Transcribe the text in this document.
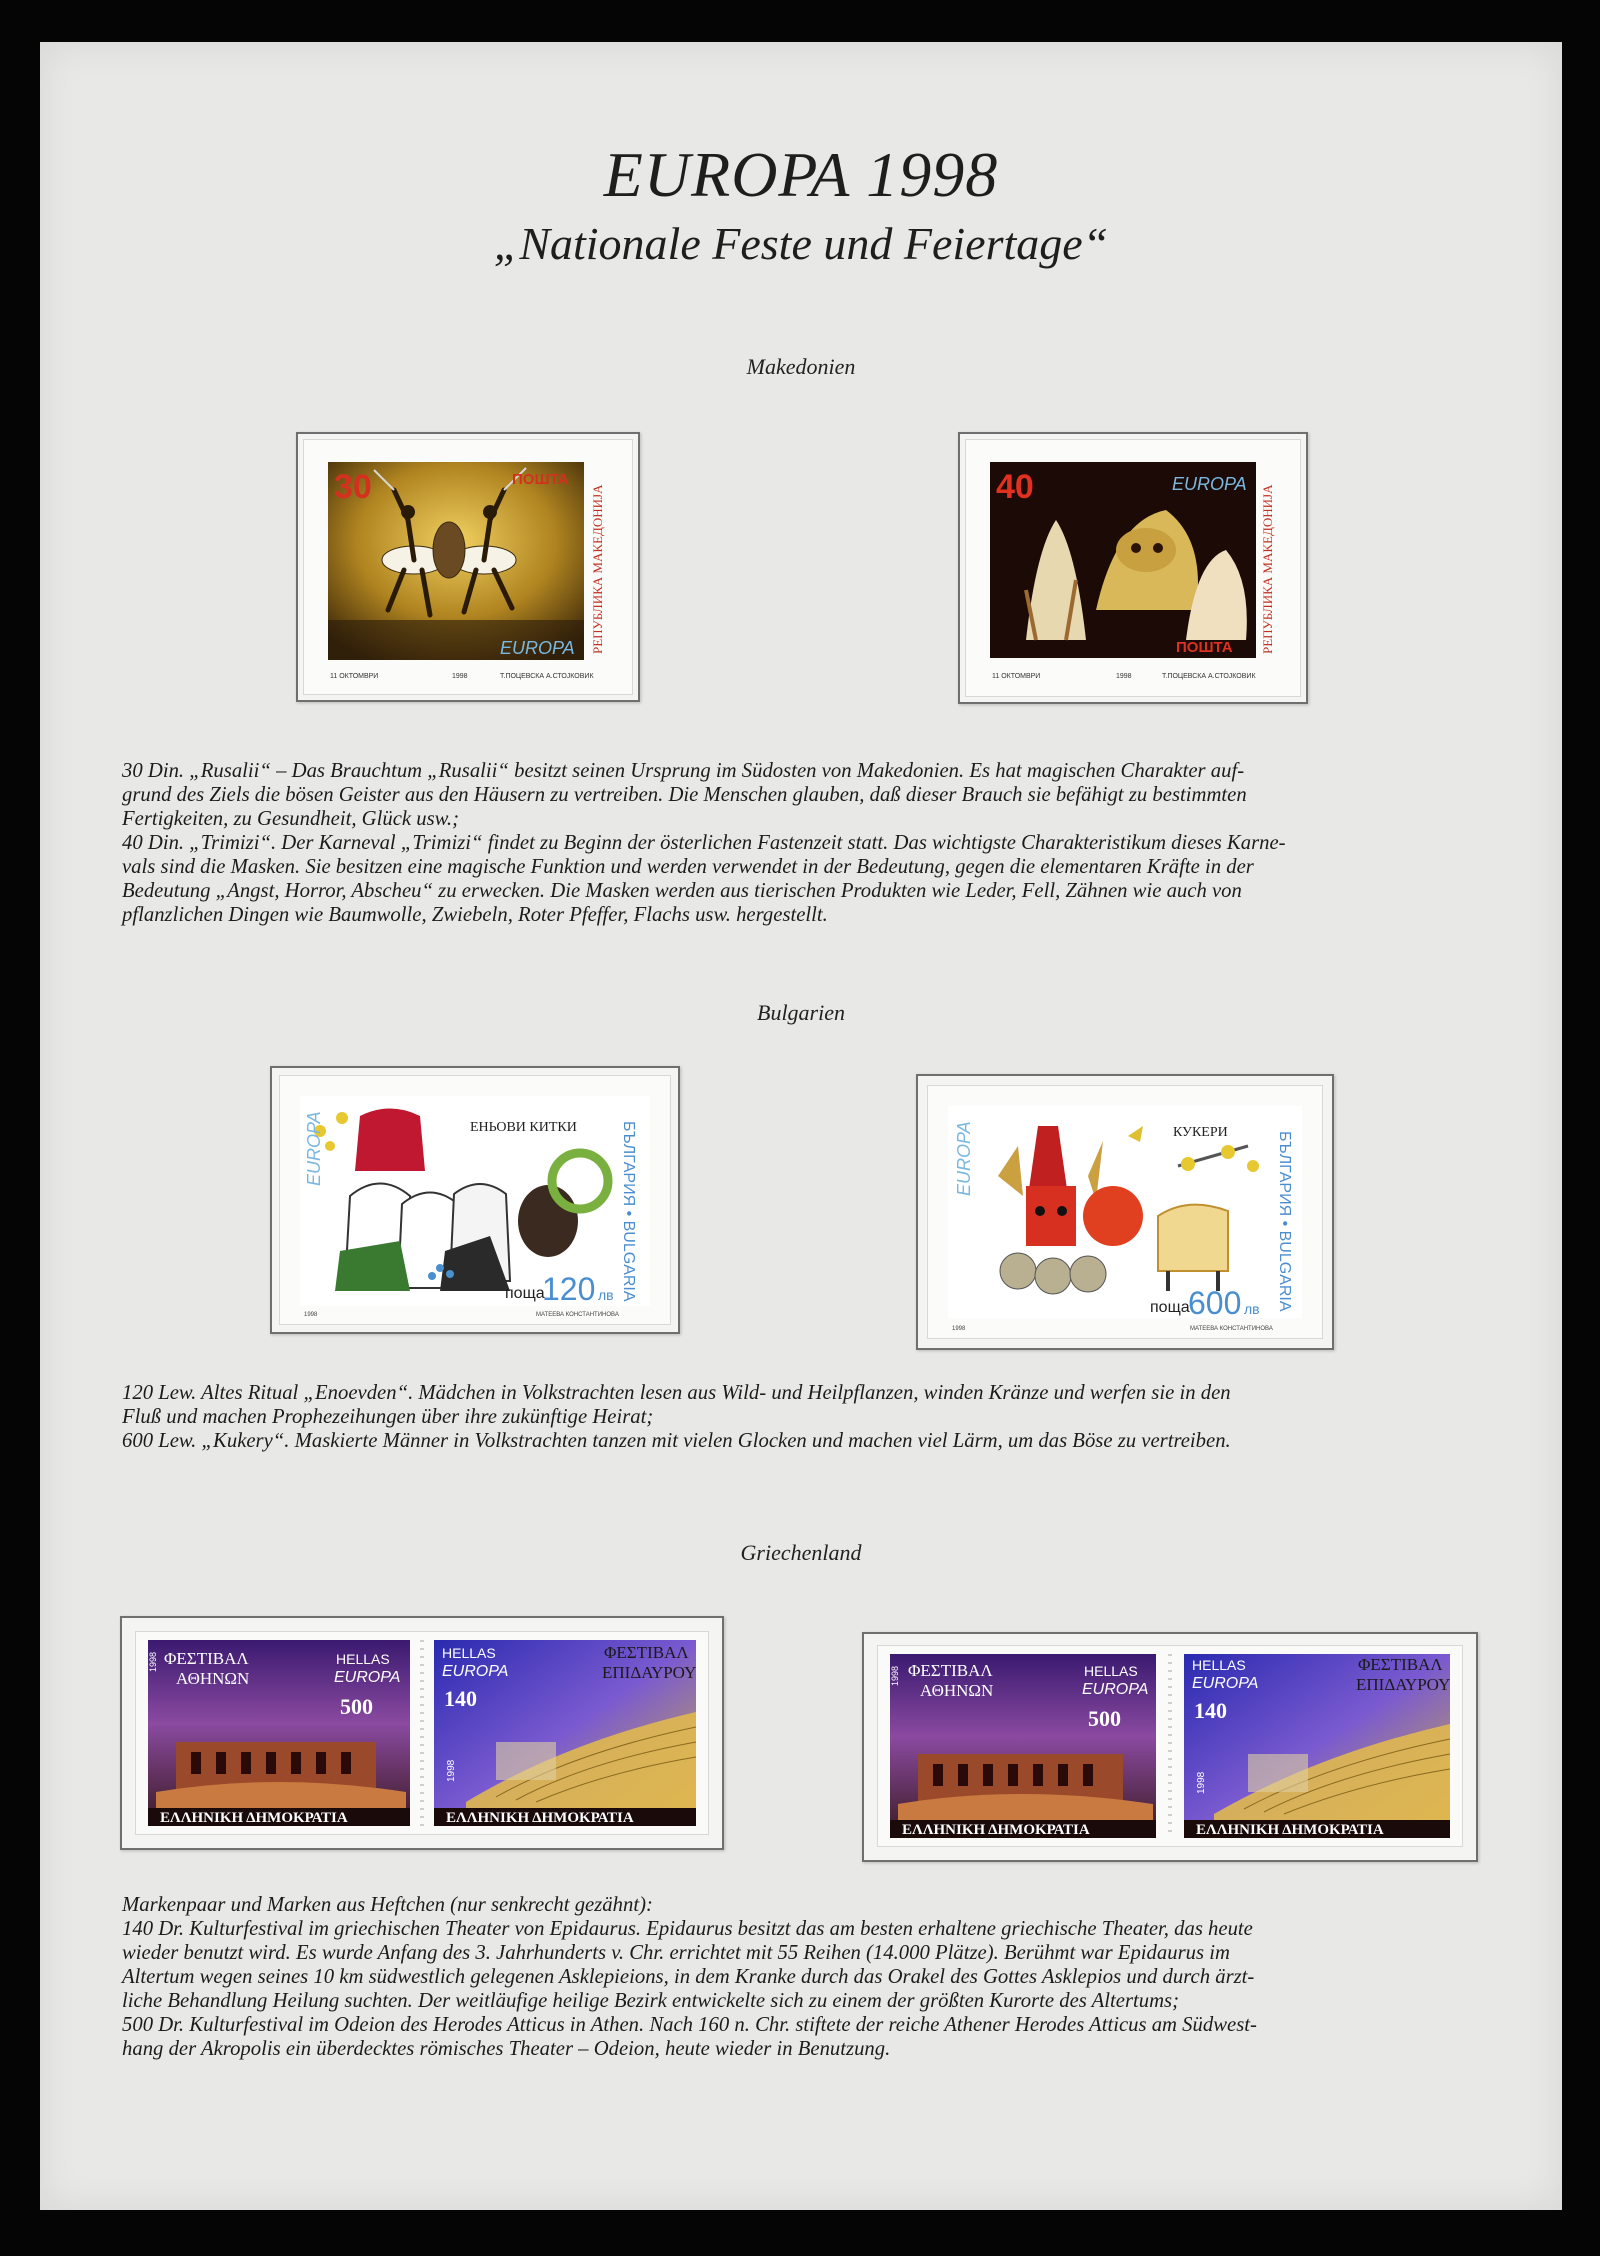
EUROPA 1998
„Nationale Feste und Feiertage“
Makedonien
30	ПОШТА
EUROPA РЕПУБЛИКА МАКЕДОНИЈА
11 ОКТОМВРИ	1998	Т.ПОЦЕВСКА А.СТОЈКОВИК
40	EUROPA
ПОШТА РЕПУБЛИКА МАКЕДОНИЈА
11 ОКТОМВРИ	1998	Т.ПОЦЕВСКА А.СТОЈКОВИК
30 Din. „Rusalii“ – Das Brauchtum „Rusalii“ besitzt seinen Ursprung im Südosten von Makedonien. Es hat magischen Charakter auf-
grund des Ziels die bösen Geister aus den Häusern zu vertreiben. Die Menschen glauben, daß dieser Brauch sie befähigt zu bestimmten
Fertigkeiten, zu Gesundheit, Glück usw.;
40 Din. „Trimizi“. Der Karneval „Trimizi“ findet zu Beginn der österlichen Fastenzeit statt. Das wichtigste Charakteristikum dieses Karne-
vals sind die Masken. Sie besitzen eine magische Funktion und werden verwendet in der Bedeutung, gegen die elementaren Kräfte in der
Bedeutung „Angst, Horror, Abscheu“ zu erwecken. Die Masken werden aus tierischen Produkten wie Leder, Fell, Zähnen wie auch von
pflanzlichen Dingen wie Baumwolle, Zwiebeln, Roter Pfeffer, Flachs usw. hergestellt.
Bulgarien
ЕНЬОВИ КИТКИ
EUROPA	БЪЛГАРИЯ • BULGARIA
поща
120 лв
1998	МАТЕЕВА КОНСТАНТИНОВА
КУКЕРИ
EUROPA	БЪЛГАРИЯ • BULGARIA
поща
600 лв
1998	МАТЕЕВА КОНСТАНТИНОВА
120 Lew. Altes Ritual „Enoevden“. Mädchen in Volkstrachten lesen aus Wild- und Heilpflanzen, winden Kränze und werfen sie in den
Fluß und machen Prophezeihungen über ihre zukünftige Heirat;
600 Lew. „Kukery“. Maskierte Männer in Volkstrachten tanzen mit vielen Glocken und machen viel Lärm, um das Böse zu vertreiben.
Griechenland
ΦΕΣΤΙΒΑΛ
ΑΘΗΝΩΝ
HELLAS
EUROPA
500
1998
ΕΛΛΗΝΙΚΗ ΔΗΜΟΚΡΑΤΙΑ
HELLAS
EUROPA
140
ΦΕΣΤΙΒΑΛ
ΕΠΙΔΑΥΡΟΥ
1998
ΕΛΛΗΝΙΚΗ ΔΗΜΟΚΡΑΤΙΑ
ΦΕΣΤΙΒΑΛ
ΑΘΗΝΩΝ
HELLAS
EUROPA
500
1998
ΕΛΛΗΝΙΚΗ ΔΗΜΟΚΡΑΤΙΑ
HELLAS
EUROPA
140
ΦΕΣΤΙΒΑΛ
ΕΠΙΔΑΥΡΟΥ
1998
ΕΛΛΗΝΙΚΗ ΔΗΜΟΚΡΑΤΙΑ
Markenpaar und Marken aus Heftchen (nur senkrecht gezähnt):
140 Dr. Kulturfestival im griechischen Theater von Epidaurus. Epidaurus besitzt das am besten erhaltene griechische Theater, das heute
wieder benutzt wird. Es wurde Anfang des 3. Jahrhunderts v. Chr. errichtet mit 55 Reihen (14.000 Plätze). Berühmt war Epidaurus im
Altertum wegen seines 10 km südwestlich gelegenen Asklepieions, in dem Kranke durch das Orakel des Gottes Asklepios und durch ärzt-
liche Behandlung Heilung suchten. Der weitläufige heilige Bezirk entwickelte sich zu einem der größten Kurorte des Altertums;
500 Dr. Kulturfestival im Odeion des Herodes Atticus in Athen. Nach 160 n. Chr. stiftete der reiche Athener Herodes Atticus am Südwest-
hang der Akropolis ein überdecktes römisches Theater – Odeion, heute wieder in Benutzung.
